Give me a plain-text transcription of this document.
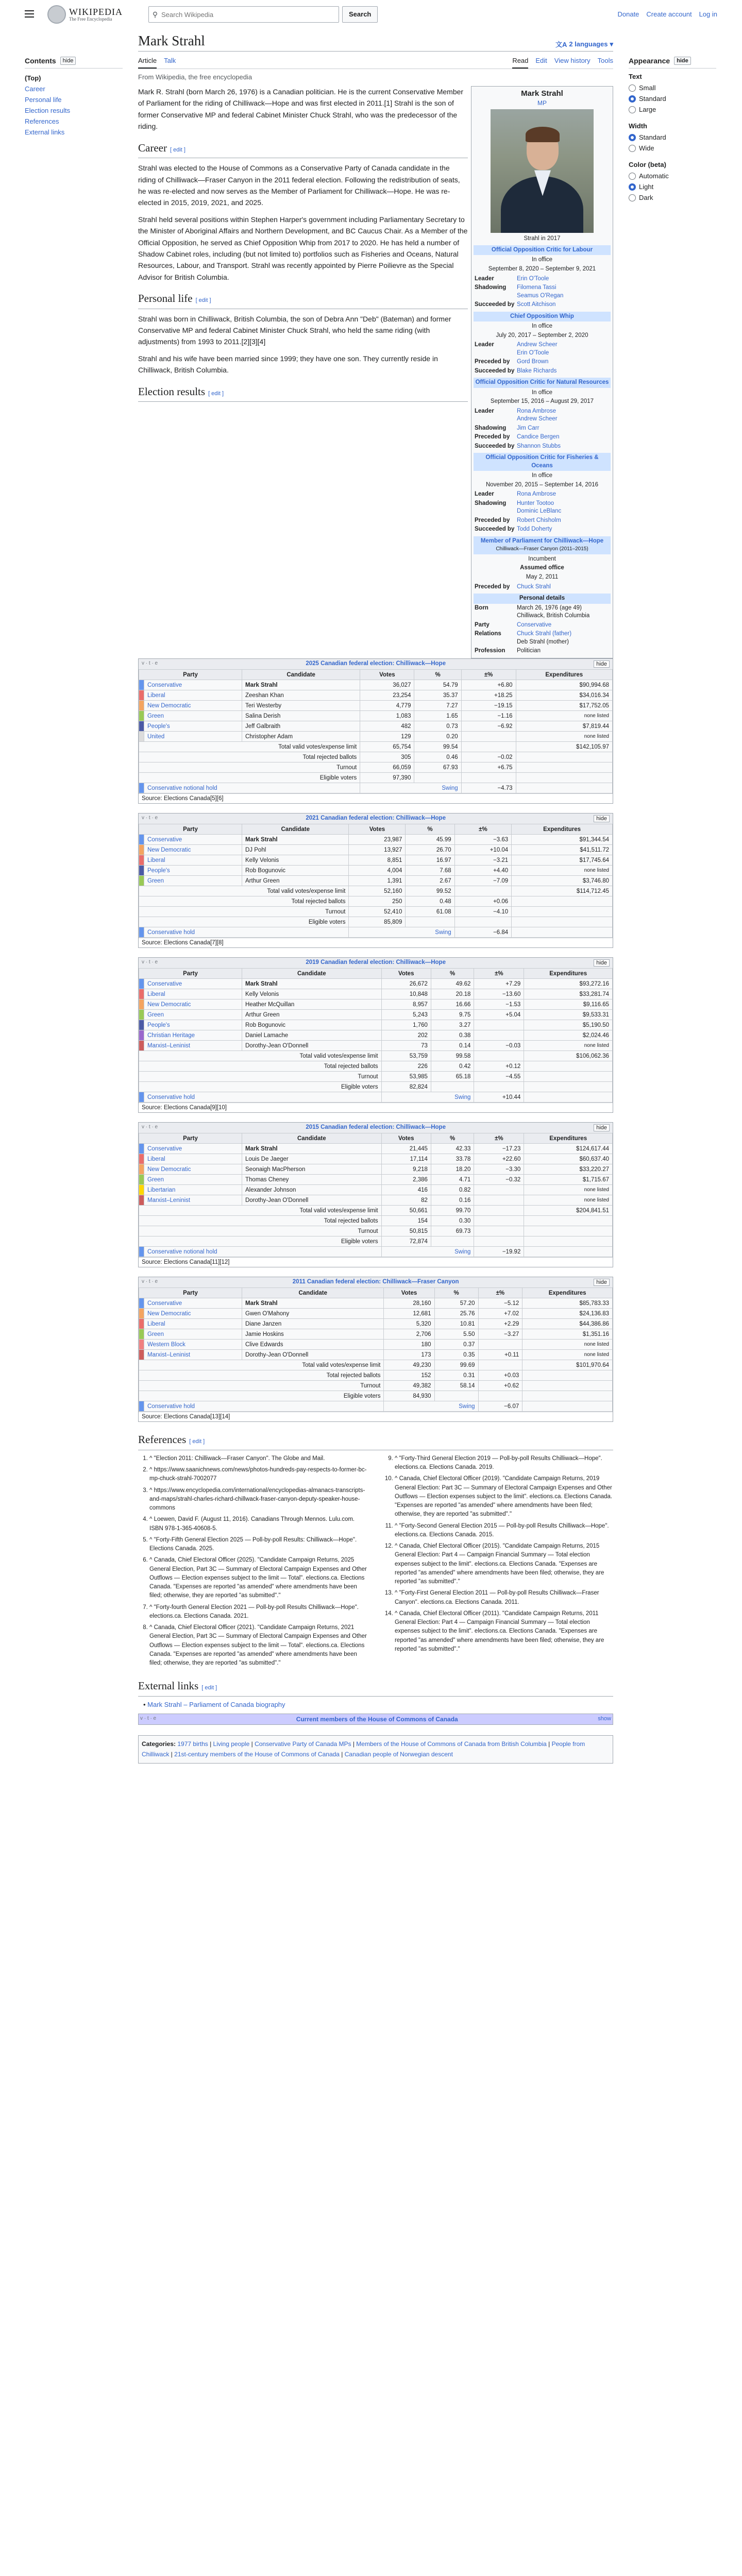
WIKIPEDIA
The Free Encyclopedia
⚲
Search Wikipedia	Search	Donate Create account Log in
Contents	hide
(Top)
Career
Personal life
Election results
References
External links
Appearance	hide
Text
Small
Standard
Large
Width
Standard
Wide
Color (beta)
Automatic
Light
Dark
Mark Strahl	文A 2 languages ▾
Article Talk	Read Edit View history Tools
From Wikipedia, the free encyclopedia

Mark R. Strahl (born March 26, 1976) is a Canadian politician. He is the current Conservative Member of Parliament for the riding of Chilliwack—Hope and was first elected in 2011.[1] Strahl is the son of former Conservative MP and federal Cabinet Minister Chuck Strahl, who was the predecessor of the riding.

Career [ edit ]

Strahl was elected to the House of Commons as a Conservative Party of Canada candidate in the riding of Chilliwack—Fraser Canyon in the 2011 federal election. Following the redistribution of seats, he was re-elected and now serves as the Member of Parliament for Chilliwack—Hope. He was re-elected in 2015, 2019, 2021, and 2025.

Strahl held several positions within Stephen Harper's government including Parliamentary Secretary to the Minister of Aboriginal Affairs and Northern Development, and BC Caucus Chair. As a Member of the Official Opposition, he served as Chief Opposition Whip from 2017 to 2020. He has held a number of Shadow Cabinet roles, including (but not limited to) portfolios such as Fisheries and Oceans, Natural Resources, Labour, and Transport. Strahl was recently appointed by Pierre Poilievre as the Special Advisor for British Columbia.

Personal life [ edit ]

Strahl was born in Chilliwack, British Columbia, the son of Debra Ann "Deb" (Bateman) and former Conservative MP and federal Cabinet Minister Chuck Strahl, who held the same riding (with adjustments) from 1993 to 2011.[2][3][4]

Strahl and his wife have been married since 1999; they have one son. They currently reside in Chilliwack, British Columbia.

Election results [ edit ]
Mark Strahl
MP
Strahl in 2017
Official Opposition Critic for Labour
In office
September 8, 2020 – September 9, 2021
Leader	Erin O'Toole
Shadowing	Filomena Tassi
Seamus O'Regan
Succeeded by Scott Aitchison
Chief Opposition Whip
In office
July 20, 2017 – September 2, 2020
Leader	Andrew Scheer
Erin O'Toole
Preceded by	Gord Brown
Succeeded by Blake Richards
Official Opposition Critic for Natural Resources
In office
September 15, 2016 – August 29, 2017
Leader	Rona Ambrose
Andrew Scheer
Shadowing	Jim Carr
Preceded by	Candice Bergen
Succeeded by Shannon Stubbs
Official Opposition Critic for Fisheries & Oceans
In office
November 20, 2015 – September 14, 2016
Leader	Rona Ambrose
Shadowing	Hunter Tootoo
Dominic LeBlanc
Preceded by	Robert Chisholm
Succeeded by Todd Doherty
Member of Parliament for Chilliwack—Hope
Chilliwack—Fraser Canyon (2011–2015)
Incumbent
Assumed office
May 2, 2011
Preceded by	Chuck Strahl
Personal details
Born	March 26, 1976 (age 49)
Chilliwack, British Columbia
Party	Conservative
Relations	Chuck Strahl (father)
Deb Strahl (mother)
Profession	Politician
v · t · e	2025 Canadian federal election: Chilliwack—Hope	hide
Party		Candidate	Votes	%	±%	Expenditures
	Conservative	Mark Strahl	36,027	54.79	+6.80	$90,994.68
	Liberal	Zeeshan Khan	23,254	35.37	+18.25	$34,016.34
	New Democratic	Teri Westerby	4,779	7.27	−19.15	$17,752.05
	Green	Salina Derish	1,083	1.65	−1.16	none listed
	People's	Jeff Galbraith	482	0.73	−6.92	$7,819.44
	United	Christopher Adam	129	0.20		none listed
Total valid votes/expense limit			65,754	99.54		$142,105.97
Total rejected ballots			305	0.46	−0.02	
Turnout			66,059	67.93	+6.75	
Eligible voters			97,390			
	Conservative notional hold		Swing		−4.73	
Source: Elections Canada[5][6]
v · t · e	2021 Canadian federal election: Chilliwack—Hope	hide
Party		Candidate	Votes	%	±%	Expenditures
	Conservative	Mark Strahl	23,987	45.99	−3.63	$91,344.54
	New Democratic	DJ Pohl	13,927	26.70	+10.04	$41,511.72
	Liberal	Kelly Velonis	8,851	16.97	−3.21	$17,745.64
	People's	Rob Bogunovic	4,004	7.68	+4.40	none listed
	Green	Arthur Green	1,391	2.67	−7.09	$3,746.80
Total valid votes/expense limit			52,160	99.52		$114,712.45
Total rejected ballots			250	0.48	+0.06	
Turnout			52,410	61.08	−4.10	
Eligible voters			85,809			
	Conservative hold		Swing		−6.84	
Source: Elections Canada[7][8]
v · t · e	2019 Canadian federal election: Chilliwack—Hope	hide
Party		Candidate	Votes	%	±%	Expenditures
	Conservative	Mark Strahl	26,672	49.62	+7.29	$93,272.16
	Liberal	Kelly Velonis	10,848	20.18	−13.60	$33,281.74
	New Democratic	Heather McQuillan	8,957	16.66	−1.53	$9,116.65
	Green	Arthur Green	5,243	9.75	+5.04	$9,533.31
	People's	Rob Bogunovic	1,760	3.27		$5,190.50
	Christian Heritage	Daniel Lamache	202	0.38		$2,024.46
	Marxist–Leninist	Dorothy-Jean O'Donnell	73	0.14	−0.03	none listed
Total valid votes/expense limit			53,759	99.58		$106,062.36
Total rejected ballots			226	0.42	+0.12	
Turnout			53,985	65.18	−4.55	
Eligible voters			82,824			
	Conservative hold		Swing		+10.44	
Source: Elections Canada[9][10]
v · t · e	2015 Canadian federal election: Chilliwack—Hope	hide
Party		Candidate	Votes	%	±%	Expenditures
	Conservative	Mark Strahl	21,445	42.33	−17.23	$124,617.44
	Liberal	Louis De Jaeger	17,114	33.78	+22.60	$60,637.40
	New Democratic	Seonaigh MacPherson	9,218	18.20	−3.30	$33,220.27
	Green	Thomas Cheney	2,386	4.71	−0.32	$1,715.67
	Libertarian	Alexander Johnson	416	0.82		none listed
	Marxist–Leninist	Dorothy-Jean O'Donnell	82	0.16		none listed
Total valid votes/expense limit			50,661	99.70		$204,841.51
Total rejected ballots			154	0.30		
Turnout			50,815	69.73		
Eligible voters			72,874			
	Conservative notional hold		Swing		−19.92	
Source: Elections Canada[11][12]
v · t · e	2011 Canadian federal election: Chilliwack—Fraser Canyon	hide
Party		Candidate	Votes	%	±%	Expenditures
	Conservative	Mark Strahl	28,160	57.20	−5.12	$85,783.33
	New Democratic	Gwen O'Mahony	12,681	25.76	+7.02	$24,136.83
	Liberal	Diane Janzen	5,320	10.81	+2.29	$44,386.86
	Green	Jamie Hoskins	2,706	5.50	−3.27	$1,351.16
	Western Block	Clive Edwards	180	0.37		none listed
	Marxist–Leninist	Dorothy-Jean O'Donnell	173	0.35	+0.11	none listed
Total valid votes/expense limit			49,230	99.69		$101,970.64
Total rejected ballots			152	0.31	+0.03	
Turnout			49,382	58.14	+0.62	
Eligible voters			84,930			
	Conservative hold		Swing		−6.07	
Source: Elections Canada[13][14]
References [ edit ]
1. ^ "Election 2011: Chilliwack—Fraser Canyon". The Globe and Mail.
2. ^ https://www.saanichnews.com/news/photos-hundreds-pay-respects-to-former-bc-mp-chuck-strahl-7002077
3. ^ https://www.encyclopedia.com/international/encyclopedias-almanacs-transcripts-and-maps/strahl-charles-richard-chillwack-fraser-canyon-deputy-speaker-house-commons
4. ^ Loewen, David F. (August 11, 2016). Canadians Through Mennos. Lulu.com. ISBN 978-1-365-40608-5.
5. ^ "Forty-Fifth General Election 2025 — Poll-by-poll Results: Chilliwack—Hope". Elections Canada. 2025.
6. ^ Canada, Chief Electoral Officer (2025). "Candidate Campaign Returns, 2025 General Election, Part 3C — Summary of Electoral Campaign Expenses and Other Outflows — Election expenses subject to the limit — Total". elections.ca. Elections Canada. "Expenses are reported "as amended" where amendments have been filed; otherwise, they are reported "as submitted"."
7. ^ "Forty-fourth General Election 2021 — Poll-by-poll Results Chilliwack—Hope". elections.ca. Elections Canada. 2021.
8. ^ Canada, Chief Electoral Officer (2021). "Candidate Campaign Returns, 2021 General Election, Part 3C — Summary of Electoral Campaign Expenses and Other Outflows — Election expenses subject to the limit — Total". elections.ca. Elections Canada. "Expenses are reported "as amended" where amendments have been filed; otherwise, they are reported "as submitted"."
9. ^ "Forty-Third General Election 2019 — Poll-by-poll Results Chilliwack—Hope". elections.ca. Elections Canada. 2019.
10. ^ Canada, Chief Electoral Officer (2019). "Candidate Campaign Returns, 2019 General Election: Part 3C — Summary of Electoral Campaign Expenses and Other Outflows — Election expenses subject to the limit". elections.ca. Elections Canada. "Expenses are reported "as amended" where amendments have been filed; otherwise, they are reported "as submitted"."
11. ^ "Forty-Second General Election 2015 — Poll-by-poll Results Chilliwack—Hope". elections.ca. Elections Canada. 2015.
12. ^ Canada, Chief Electoral Officer (2015). "Candidate Campaign Returns, 2015 General Election: Part 4 — Campaign Financial Summary — Total election expenses subject to the limit". elections.ca. Elections Canada. "Expenses are reported "as amended" where amendments have been filed; otherwise, they are reported "as submitted"."
13. ^ "Forty-First General Election 2011 — Poll-by-poll Results Chilliwack—Fraser Canyon". elections.ca. Elections Canada. 2011.
14. ^ Canada, Chief Electoral Officer (2011). "Candidate Campaign Returns, 2011 General Election: Part 4 — Campaign Financial Summary — Total election expenses subject to the limit". elections.ca. Elections Canada. "Expenses are reported "as amended" where amendments have been filed; otherwise, they are reported "as submitted"."
External links [ edit ]
• Mark Strahl – Parliament of Canada biography
v · t · e	Current members of the House of Commons of Canada	show
Categories: 1977 births | Living people | Conservative Party of Canada MPs | Members of the House of Commons of Canada from British Columbia | People from Chilliwack | 21st-century members of the House of Commons of Canada | Canadian people of Norwegian descent
